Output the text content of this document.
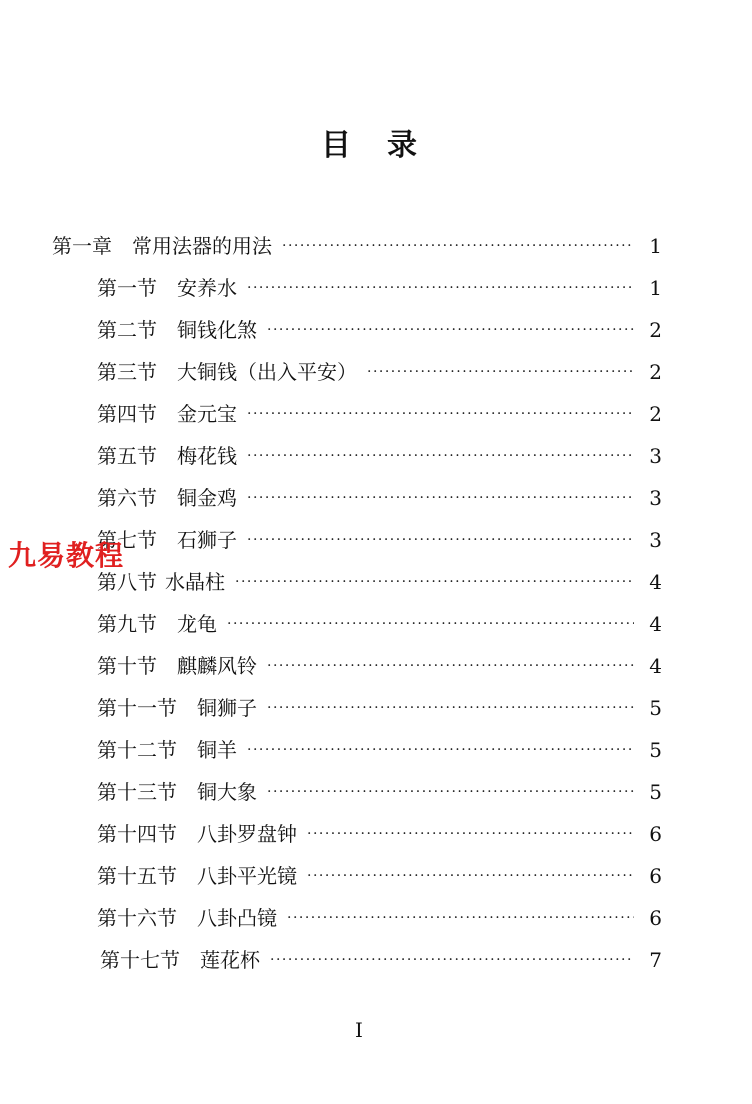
目 录
第一章 常用法器的用法 ·····	1
第一节 安养水 ·····	1
第二节 铜钱化煞 ·····	2
第三节 大铜钱（出入平安） ·····	2
第四节 金元宝 ·····	2
第五节 梅花钱 ·····	3
第六节 铜金鸡 ·····	3
第七节 石狮子 ·····	3
第八节 水晶柱 ·····	4
第九节 龙龟 ·····	4
第十节 麒麟风铃 ·····	4
第十一节 铜狮子 ·····	5
第十二节 铜羊 ·····	5
第十三节 铜大象 ·····	5
第十四节 八卦罗盘钟 ·····	6
第十五节 八卦平光镜 ·····	6
第十六节 八卦凸镜 ·····	6
第十七节 莲花杯 ·····	7
九易教程
I
